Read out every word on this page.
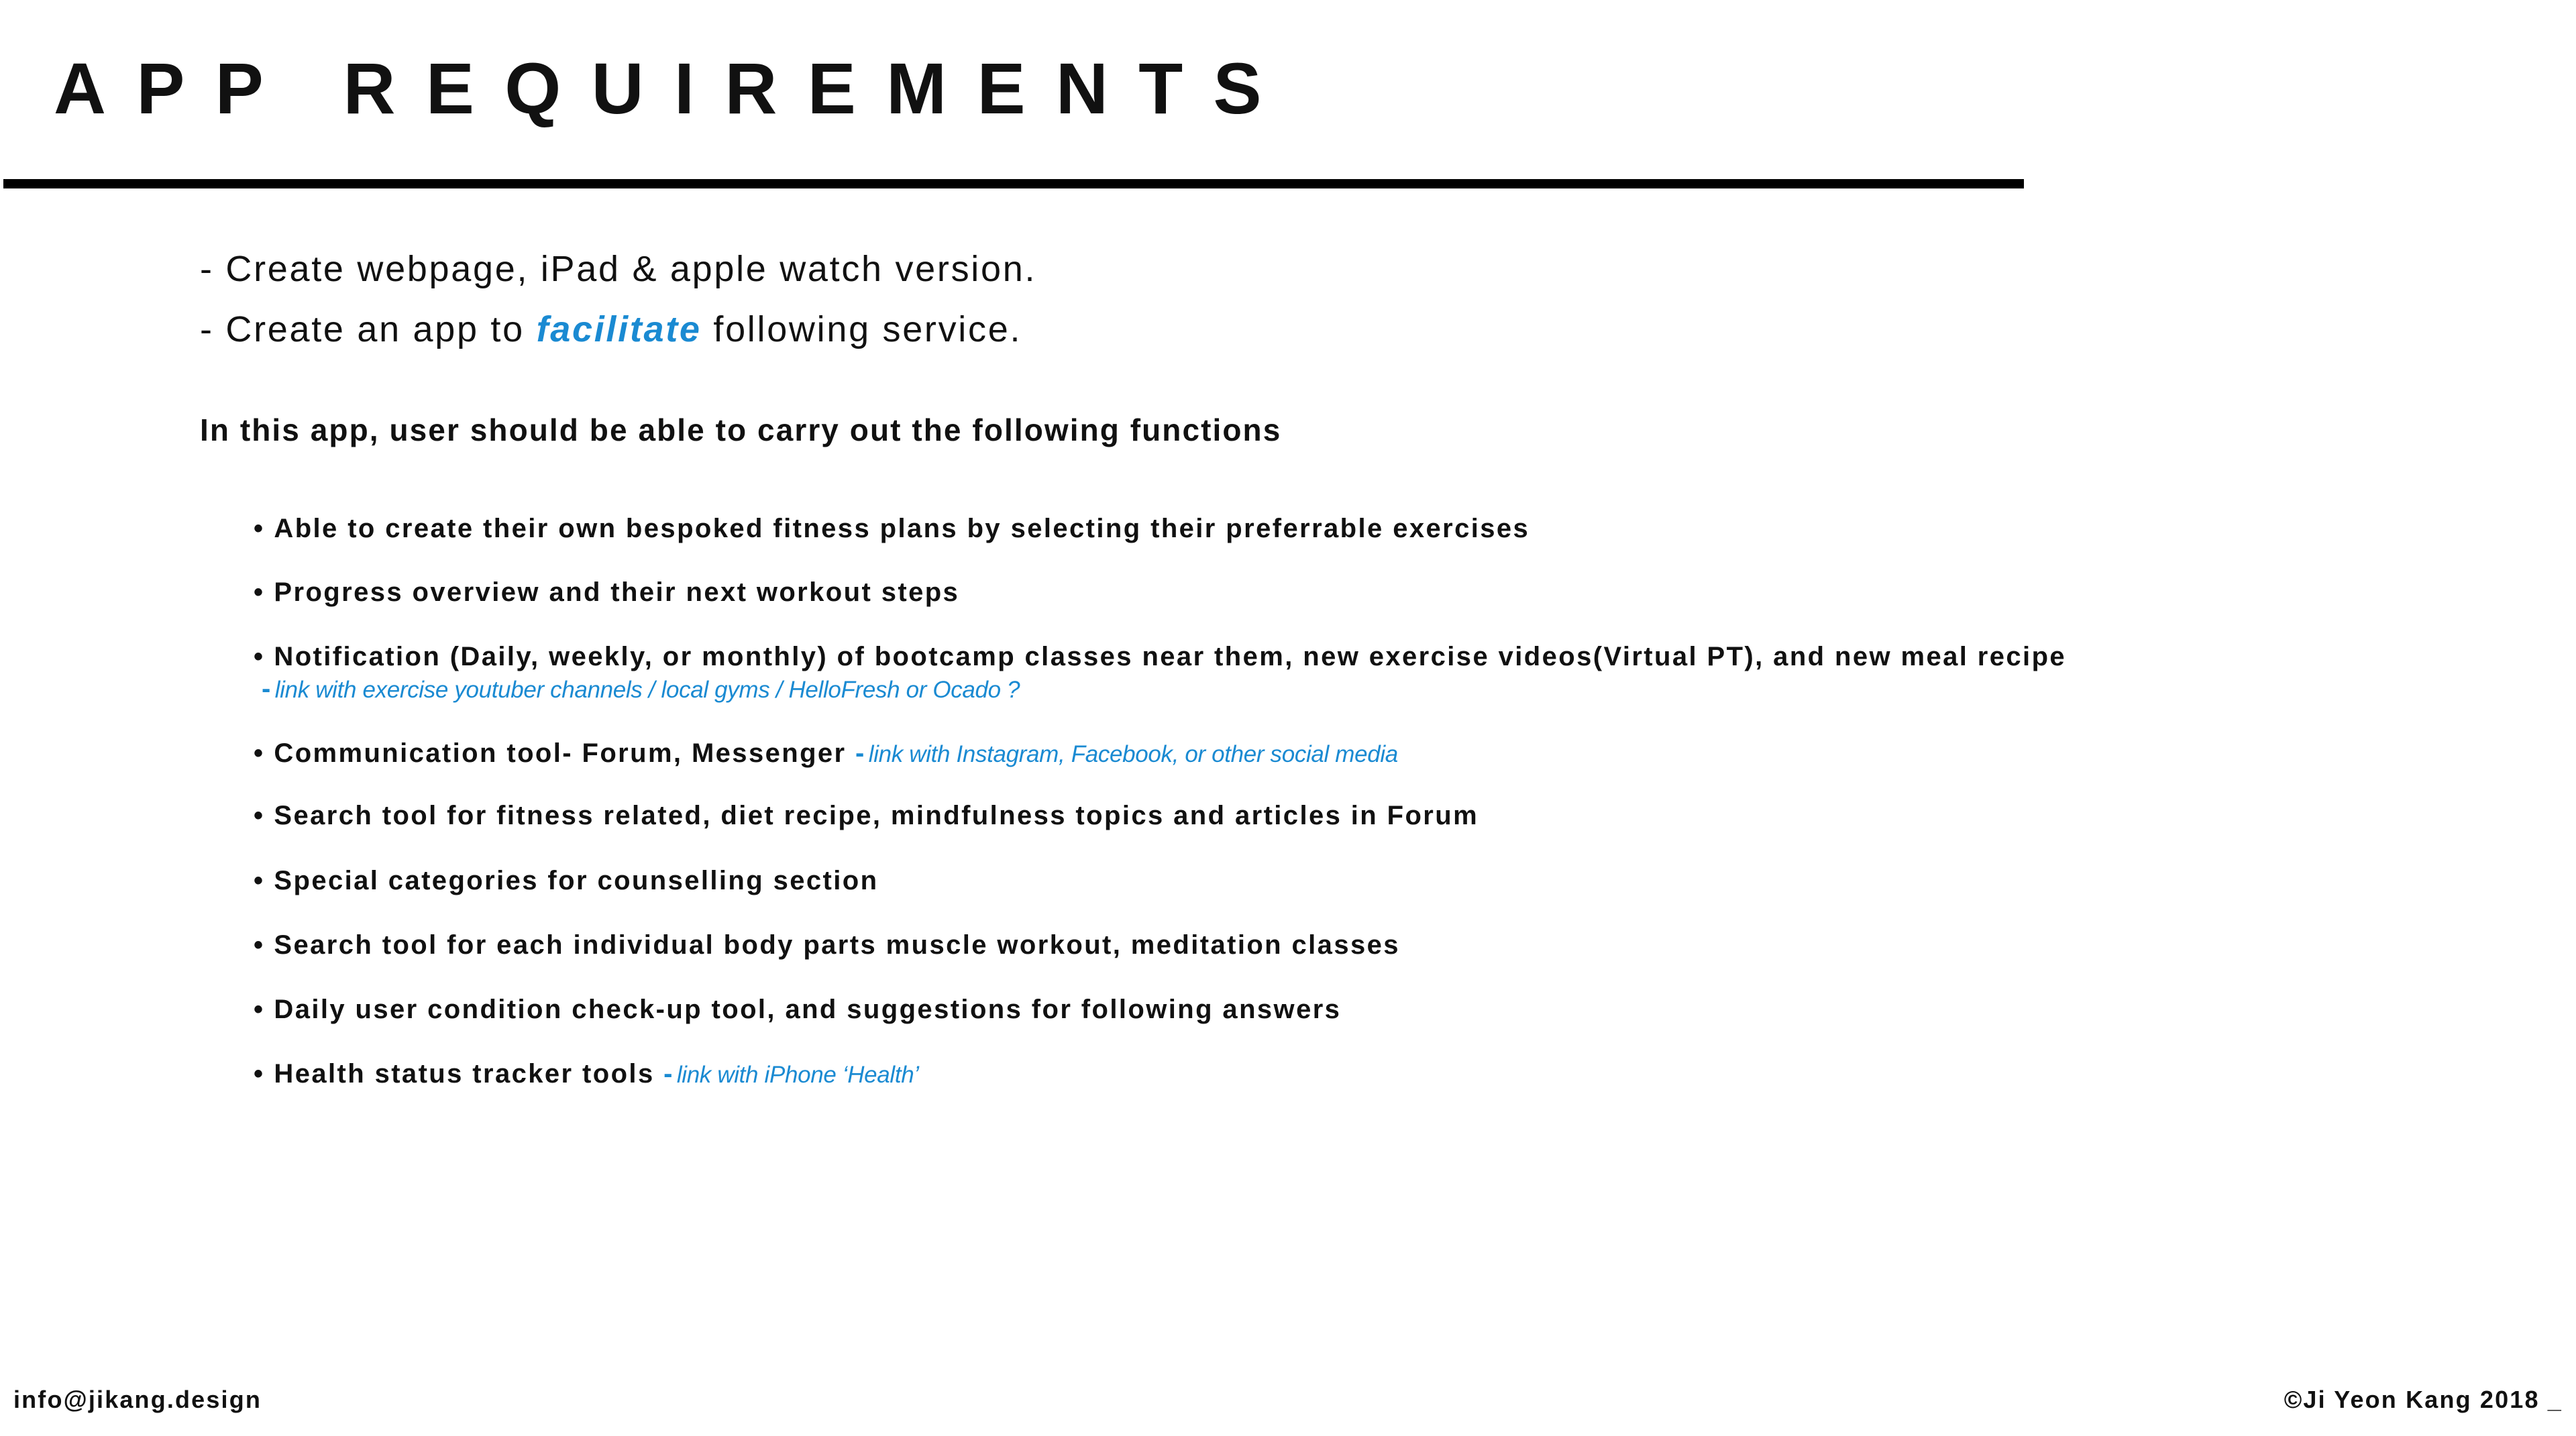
APP REQUIREMENTS
- Create webpage, iPad & apple watch version.
- Create an app to facilitate following service.

In this app, user should be able to carry out the following functions

• Able to create their own bespoked fitness plans by selecting their preferrable exercises
• Progress overview and their next workout steps
• Notification (Daily, weekly, or monthly) of bootcamp classes near them, new exercise videos(Virtual PT), and new meal recipe
- link with exercise youtuber channels / local gyms / HelloFresh or Ocado ?
• Communication tool- Forum, Messenger - link with Instagram, Facebook, or other social media
• Search tool for fitness related, diet recipe, mindfulness topics and articles in Forum
• Special categories for counselling section
• Search tool for each individual body parts muscle workout, meditation classes
• Daily user condition check-up tool, and suggestions for following answers
• Health status tracker tools - link with iPhone ‘Health’
info@jikang.design	©Ji Yeon Kang 2018 _
